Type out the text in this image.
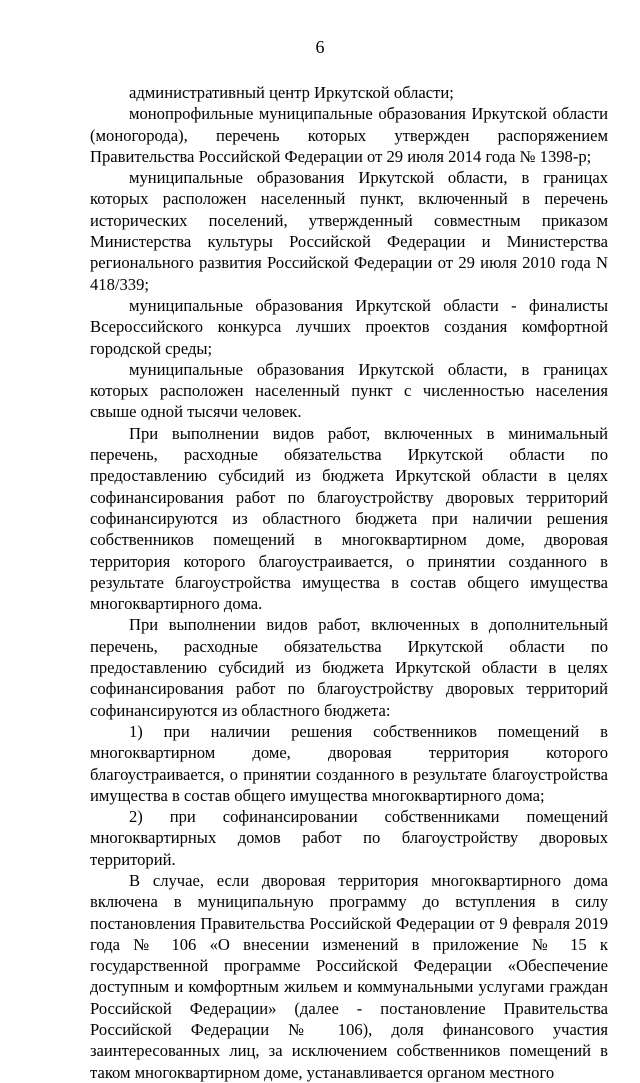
6

административный центр Иркутской области;

монопрофильные муниципальные образования Иркутской области (моногорода), перечень которых утвержден распоряжением Правительства Российской Федерации от 29 июля 2014 года № 1398-р;

муниципальные образования Иркутской области, в границах которых расположен населенный пункт, включенный в перечень исторических поселений, утвержденный совместным приказом Министерства культуры Российской Федерации и Министерства регионального развития Российской Федерации от 29 июля 2010 года N 418/339;

муниципальные образования Иркутской области - финалисты Всероссийского конкурса лучших проектов создания комфортной городской среды;

муниципальные образования Иркутской области, в границах которых расположен населенный пункт с численностью населения свыше одной тысячи человек.

При выполнении видов работ, включенных в минимальный перечень, расходные обязательства Иркутской области по предоставлению субсидий из бюджета Иркутской области в целях софинансирования работ по благоустройству дворовых территорий софинансируются из областного бюджета при наличии решения собственников помещений в многоквартирном доме, дворовая территория которого благоустраивается, о принятии созданного в результате благоустройства имущества в состав общего имущества многоквартирного дома.

При выполнении видов работ, включенных в дополнительный перечень, расходные обязательства Иркутской области по предоставлению субсидий из бюджета Иркутской области в целях софинансирования работ по благоустройству дворовых территорий софинансируются из областного бюджета:

1) при наличии решения собственников помещений в многоквартирном доме, дворовая территория которого благоустраивается, о принятии созданного в результате благоустройства имущества в состав общего имущества многоквартирного дома;

2) при софинансировании собственниками помещений многоквартирных домов работ по благоустройству дворовых территорий.

В случае, если дворовая территория многоквартирного дома включена в муниципальную программу до вступления в силу постановления Правительства Российской Федерации от 9 февраля 2019 года № 106 «О внесении изменений в приложение № 15 к государственной программе Российской Федерации «Обеспечение доступным и комфортным жильем и коммунальными услугами граждан Российской Федерации» (далее - постановление Правительства Российской Федерации № 106), доля финансового участия заинтересованных лиц, за исключением собственников помещений в таком многоквартирном доме, устанавливается органом местного
